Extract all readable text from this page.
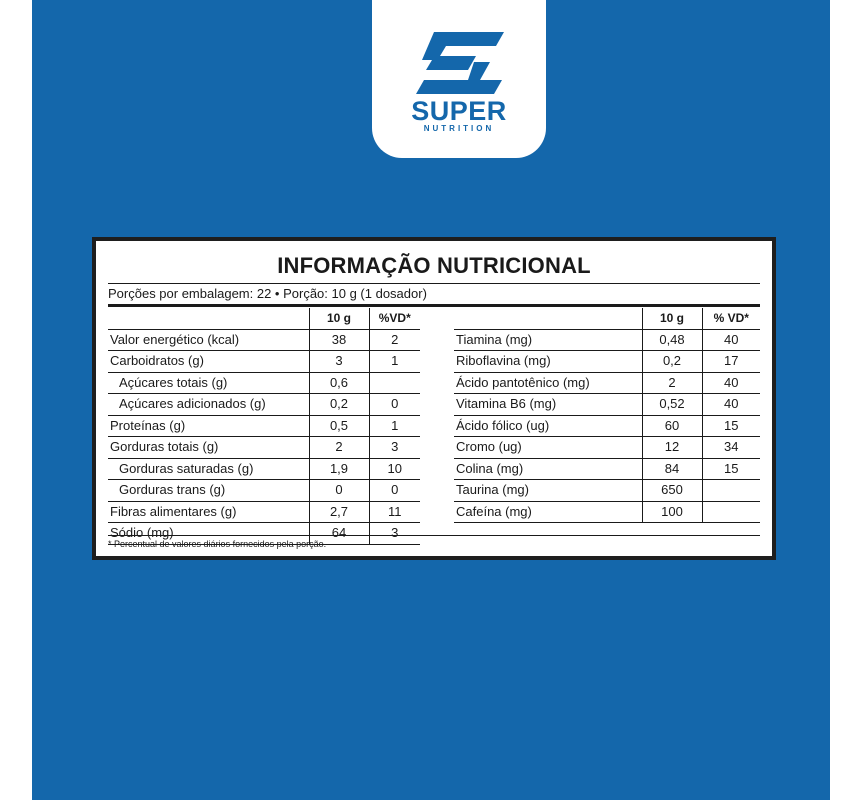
SUPER
NUTRITION
INFORMAÇÃO NUTRICIONAL
Porções por embalagem: 22 • Porção: 10 g (1 dosador)
	10 g	%VD*
Valor energético (kcal)	38	2
Carboidratos (g)	3	1
Açúcares totais (g)	0,6	
Açúcares adicionados (g)	0,2	0
Proteínas (g)	0,5	1
Gorduras totais (g)	2	3
Gorduras saturadas (g)	1,9	10
Gorduras trans (g)	0	0
Fibras alimentares (g)	2,7	11
Sódio (mg)	64	3
	10 g	% VD*
Tiamina (mg)	0,48	40
Riboflavina (mg)	0,2	17
Ácido pantotênico (mg)	2	40
Vitamina B6 (mg)	0,52	40
Ácido fólico (ug)	60	15
Cromo (ug)	12	34
Colina (mg)	84	15
Taurina (mg)	650	
Cafeína (mg)	100	
* Percentual de valores diários fornecidos pela porção.
